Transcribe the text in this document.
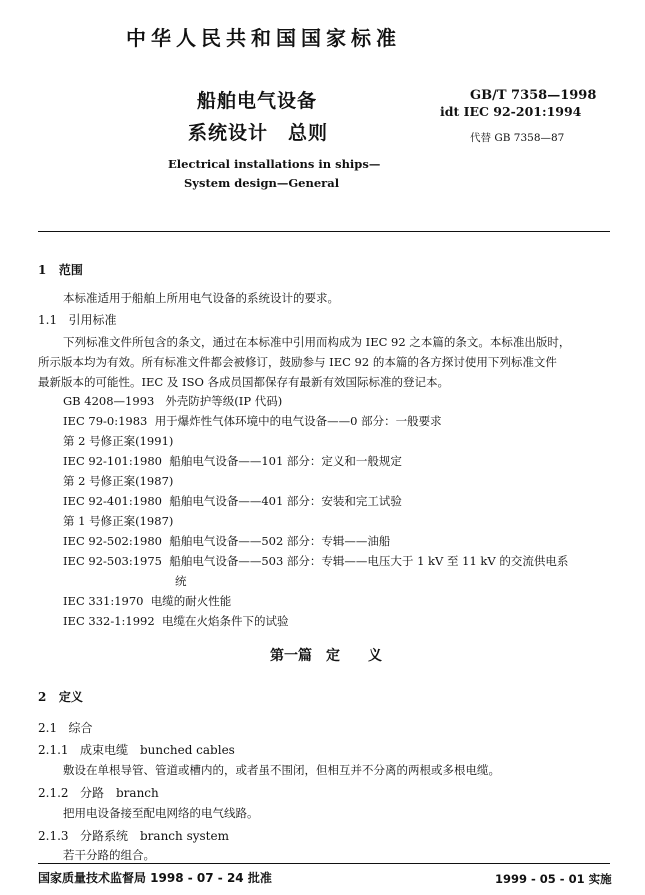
中华人民共和国国家标准
船舶电气设备
系统设计　总则
GB/T 7358—1998
idt IEC 92-201:1994
代替 GB 7358—87
Electrical installations in ships—
System design—General
1 范围
本标准适用于船舶上所用电气设备的系统设计的要求。
1.1 引用标准
下列标准文件所包含的条文，通过在本标准中引用而构成为 IEC 92 之本篇的条文。本标准出版时，
所示版本均为有效。所有标准文件都会被修订，鼓励参与 IEC 92 的本篇的各方探讨使用下列标准文件
最新版本的可能性。IEC 及 ISO 各成员国都保存有最新有效国际标准的登记本。
GB 4208—1993 外壳防护等级(IP 代码)
IEC 79-0:1983 用于爆炸性气体环境中的电气设备——0 部分：一般要求
第 2 号修正案(1991)
IEC 92-101:1980 船舶电气设备——101 部分：定义和一般规定
第 2 号修正案(1987)
IEC 92-401:1980 船舶电气设备——401 部分：安装和完工试验
第 1 号修正案(1987)
IEC 92-502:1980 船舶电气设备——502 部分：专辑——油船
IEC 92-503:1975 船舶电气设备——503 部分：专辑——电压大于 1 kV 至 11 kV 的交流供电系
统
IEC 331:1970 电缆的耐火性能
IEC 332-1:1992 电缆在火焰条件下的试验
第一篇　定　　义
2 定义
2.1 综合
2.1.1 成束电缆　bunched cables
敷设在单根导管、管道或槽内的，或者虽不围闭，但相互并不分离的两根或多根电缆。
2.1.2 分路　branch
把用电设备接至配电网络的电气线路。
2.1.3 分路系统　branch system
若干分路的组合。
国家质量技术监督局 1998 - 07 - 24 批准	1999 - 05 - 01 实施
